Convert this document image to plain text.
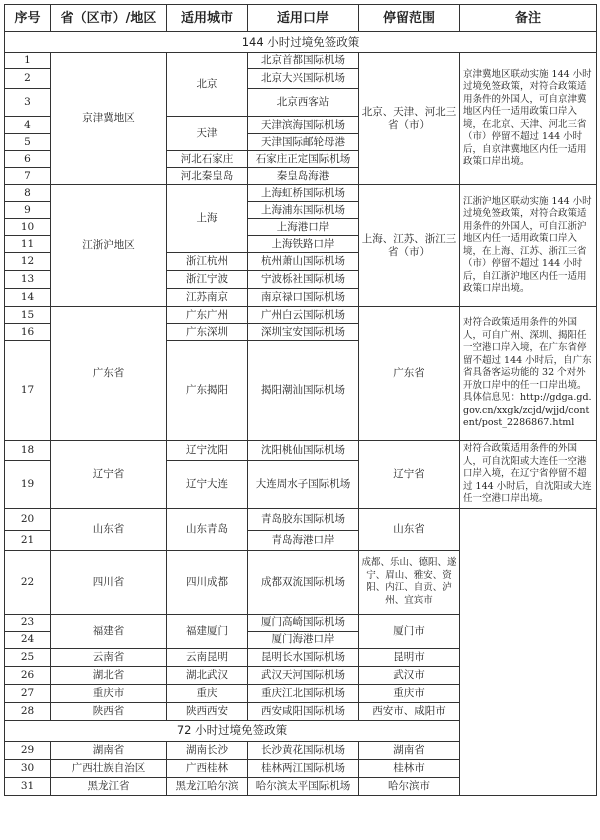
序号	省（区市）/地区	适用城市	适用口岸	停留范围	备注
144 小时过境免签政策					
1	京津冀地区	北京	北京首都国际机场	北京、天津、河北三省（市）	京津冀地区联动实施 144 小时过境免签政策，对符合政策适用条件的外国人，可自京津冀地区内任一适用政策口岸入境，在北京、天津、河北三省（市）停留不超过 144 小时后，自京津冀地区内任一适用政策口岸出境。
2			北京大兴国际机场		
3			北京西客站		
4		天津	天津滨海国际机场		
5			天津国际邮轮母港		
6		河北石家庄	石家庄正定国际机场		
7		河北秦皇岛	秦皇岛海港		
8	江浙沪地区	上海	上海虹桥国际机场	上海、江苏、浙江三省（市）	江浙沪地区联动实施 144 小时过境免签政策，对符合政策适用条件的外国人，可自江浙沪地区内任一适用政策口岸入境，在上海、江苏、浙江三省（市）停留不超过 144 小时后，自江浙沪地区内任一适用政策口岸出境。
9			上海浦东国际机场		
10			上海港口岸		
11			上海铁路口岸		
12		浙江杭州	杭州萧山国际机场		
13		浙江宁波	宁波栎社国际机场		
14		江苏南京	南京禄口国际机场		
15	广东省	广东广州	广州白云国际机场	广东省	对符合政策适用条件的外国人，可自广州、深圳、揭阳任一空港口岸入境，在广东省停留不超过 144 小时后，自广东省具备客运功能的 32 个对外开放口岸中的任一口岸出境。具体信息见：http://gdga.gd.gov.cn/xxgk/zcjd/wjjd/content/post_2286867.html
16		广东深圳	深圳宝安国际机场		
17		广东揭阳	揭阳潮汕国际机场		
18	辽宁省	辽宁沈阳	沈阳桃仙国际机场	辽宁省	对符合政策适用条件的外国人，可自沈阳或大连任一空港口岸入境，在辽宁省停留不超过 144 小时后，自沈阳或大连任一空港口岸出境。
19		辽宁大连	大连周水子国际机场		
20	山东省	山东青岛	青岛胶东国际机场	山东省	
21			青岛海港口岸		
22	四川省	四川成都	成都双流国际机场	成都、乐山、德阳、遂宁、眉山、雅安、资阳、内江、自贡、泸州、宜宾市	
23	福建省	福建厦门	厦门高崎国际机场	厦门市	
24			厦门海港口岸		
25	云南省	云南昆明	昆明长水国际机场	昆明市	
26	湖北省	湖北武汉	武汉天河国际机场	武汉市	
27	重庆市	重庆	重庆江北国际机场	重庆市	
28	陕西省	陕西西安	西安咸阳国际机场	西安市、咸阳市	
72 小时过境免签政策					
29	湖南省	湖南长沙	长沙黄花国际机场	湖南省	
30	广西壮族自治区	广西桂林	桂林两江国际机场	桂林市	
31	黑龙江省	黑龙江哈尔滨	哈尔滨太平国际机场	哈尔滨市	
